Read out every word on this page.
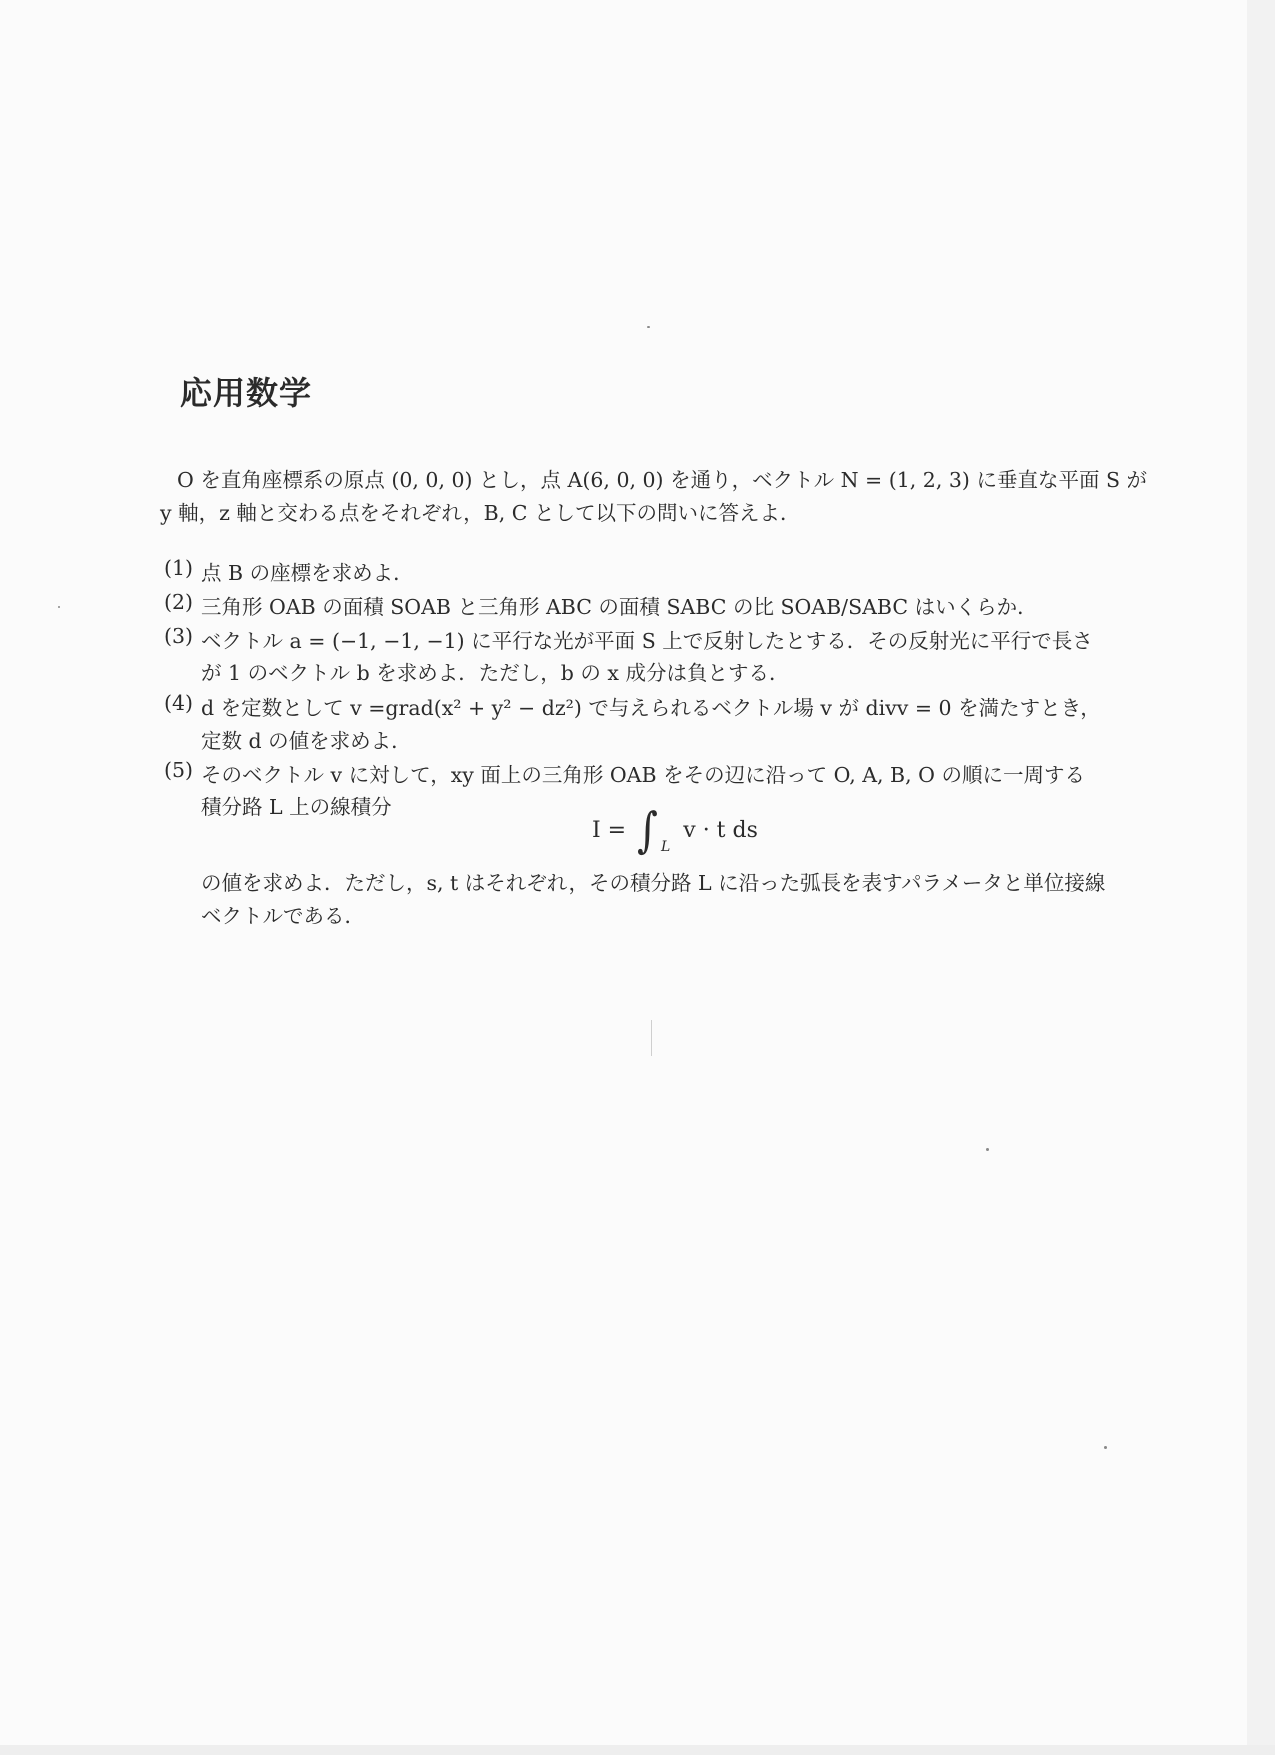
応用数学
O を直角座標系の原点 (0, 0, 0) とし，点 A(6, 0, 0) を通り，ベクトル N = (1, 2, 3) に垂直な平面 S が
y 軸，z 軸と交わる点をそれぞれ，B, C として以下の問いに答えよ．
(1) 点 B の座標を求めよ．
(2) 三角形 OAB の面積 SOAB と三角形 ABC の面積 SABC の比 SOAB/SABC はいくらか．
(3) ベクトル a = (−1, −1, −1) に平行な光が平面 S 上で反射したとする．その反射光に平行で長さ
が 1 のベクトル b を求めよ．ただし，b の x 成分は負とする．
(4) d を定数として v =grad(x² + y² − dz²) で与えられるベクトル場 v が divv = 0 を満たすとき，
定数 d の値を求めよ．
(5) そのベクトル v に対して，xy 面上の三角形 OAB をその辺に沿って O, A, B, O の順に一周する
積分路 L 上の線積分
I = ∫ $_L$ v · t ds
の値を求めよ．ただし，s, t はそれぞれ，その積分路 L に沿った弧長を表すパラメータと単位接線
ベクトルである．
